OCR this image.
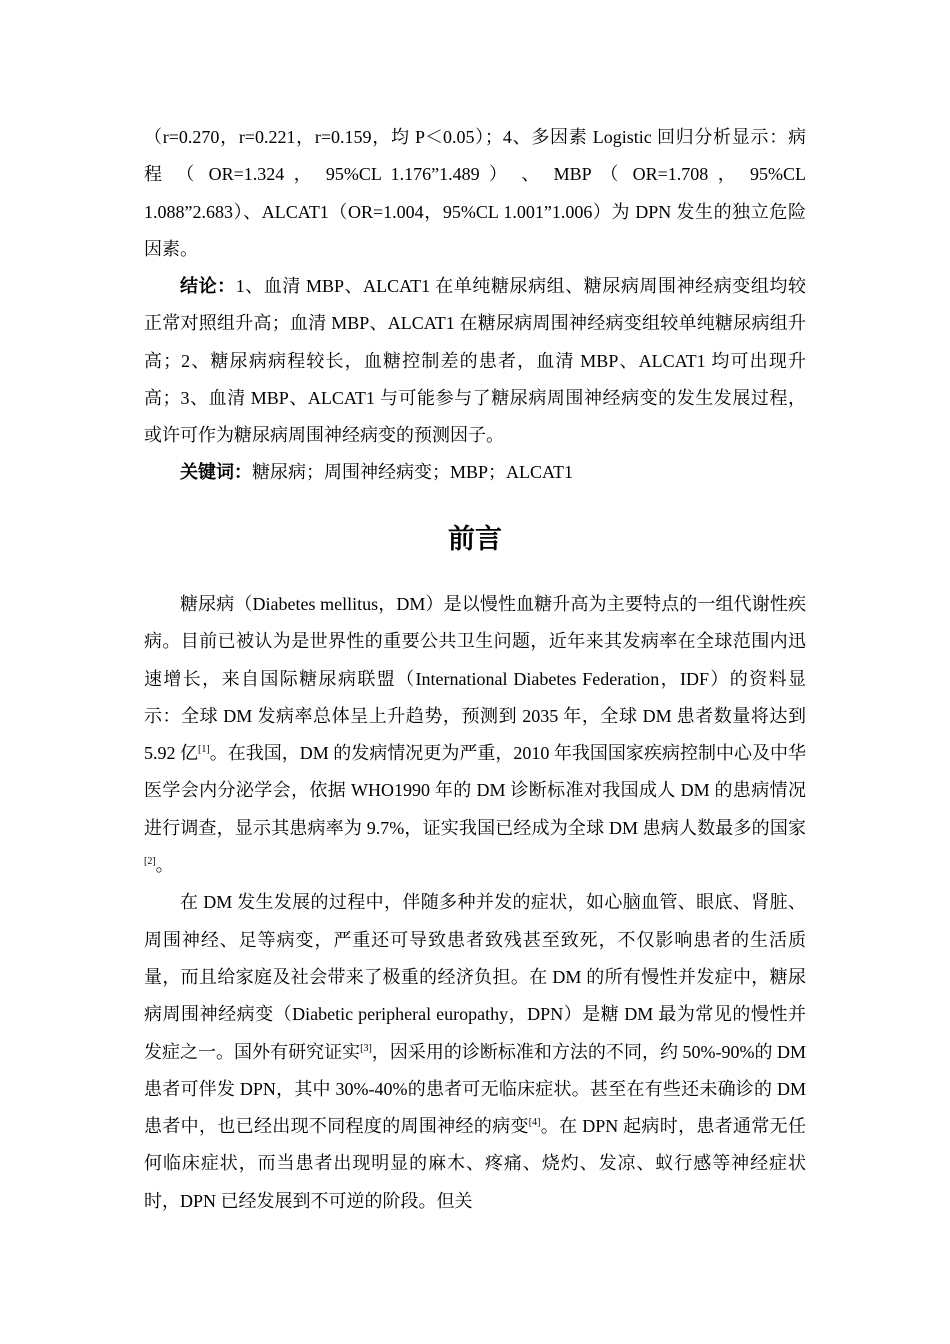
（r=0.270，r=0.221，r=0.159，均 P＜0.05）；4、多因素 Logistic 回归分析显示：病 程 （ OR=1.324 ， 95%CL 1.176”1.489 ） 、 MBP （ OR=1.708 ， 95%CL 1.088”2.683）、ALCAT1（OR=1.004，95%CL 1.001”1.006）为 DPN 发生的独立危险因素。

结论：1、血清 MBP、ALCAT1 在单纯糖尿病组、糖尿病周围神经病变组均较正常对照组升高；血清 MBP、ALCAT1 在糖尿病周围神经病变组较单纯糖尿病组升高；2、糖尿病病程较长，血糖控制差的患者，血清 MBP、ALCAT1 均可出现升高；3、血清 MBP、ALCAT1 与可能参与了糖尿病周围神经病变的发生发展过程，或许可作为糖尿病周围神经病变的预测因子。

关键词：糖尿病；周围神经病变；MBP；ALCAT1

前言

糖尿病（Diabetes mellitus，DM）是以慢性血糖升高为主要特点的一组代谢性疾病。目前已被认为是世界性的重要公共卫生问题，近年来其发病率在全球范围内迅速增长，来自国际糖尿病联盟（International Diabetes Federation，IDF）的资料显示：全球 DM 发病率总体呈上升趋势，预测到 2035 年，全球 DM 患者数量将达到 5.92 亿[1]。在我国，DM 的发病情况更为严重，2010 年我国国家疾病控制中心及中华医学会内分泌学会，依据 WHO1990 年的 DM 诊断标准对我国成人 DM 的患病情况进行调查，显示其患病率为 9.7%，证实我国已经成为全球 DM 患病人数最多的国家[2]。

在 DM 发生发展的过程中，伴随多种并发的症状，如心脑血管、眼底、肾脏、周围神经、足等病变，严重还可导致患者致残甚至致死，不仅影响患者的生活质量，而且给家庭及社会带来了极重的经济负担。在 DM 的所有慢性并发症中，糖尿病周围神经病变（Diabetic peripheral europathy，DPN）是糖 DM 最为常见的慢性并发症之一。国外有研究证实[3]，因采用的诊断标准和方法的不同，约 50%-90%的 DM 患者可伴发 DPN，其中 30%-40%的患者可无临床症状。甚至在有些还未确诊的 DM 患者中，也已经出现不同程度的周围神经的病变[4]。在 DPN 起病时，患者通常无任何临床症状，而当患者出现明显的麻木、疼痛、烧灼、发凉、蚁行感等神经症状时，DPN 已经发展到不可逆的阶段。但关
